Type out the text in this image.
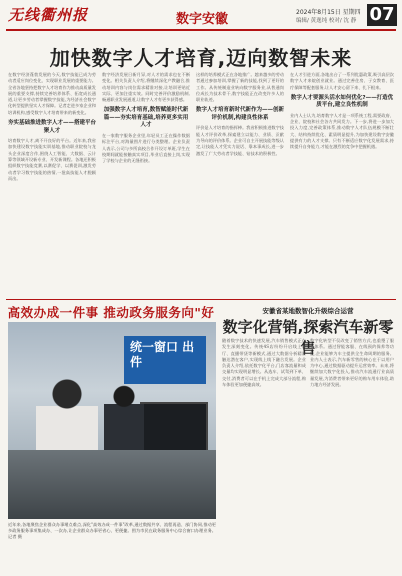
无线衢州报	数字安徽	2024年8月15日 星期四
编辑/ 黄逸纯 校对/ 沈 静 07
加快数字人才培育,迈向数智未来
在数字经济蓬勃发展的今天,数字技能已成为劳动者适应岗位变化、实现职业发展的重要能力。全省各地坚持把数字人才培育作为推动高质量发展的重要支撑,持续完善培养体系、拓宽成长通道,让更多劳动者掌握数字技能,为经济社会数字化转型提供坚实人才保障。记者走进多家企业和培训机构,感受数字人才培育带来的新变化。
夯实基础推进数字人才——搭建平台聚人才
培育数字人才,离不开良好的平台。近年来,我省加快建设数字技能实训基地,推动职业院校与龙头企业深度合作,围绕人工智能、大数据、云计算等领域开设新专业、开发新课程。各地还积极组织数字技能竞赛,以赛促学、以赛促训,激发劳动者学习数字技能的热情,一批高技能人才脱颖而出。
数字经济发展日新月异,对人才的需求也在不断变化。相关负责人介绍,将继续深化产教融合,推动培训内容与岗位需求精准对接,让培训更贴近实际、更加注重实效。同时完善评价激励机制,畅通职业发展通道,让数字人才有更多获得感。
加强数字人才培育,数智赋能时代新篇——夯实培育基础,培养更多实用人才
在一家数字服务企业里,年轻员工正在操作数据标注平台,对海量图片进行分类整理。企业负责人表示,公司与多所高校合作开设订单班,学生在校期间就能接触真实项目,毕业后直接上岗,实现了学校与企业的无缝衔接。
这样的培养模式正在各地推广。越来越多的劳动者通过参加培训,掌握了新的技能,找到了更好的工作。从传统制造业转向数字服务业,从普通岗位成长为技术骨干,数字技能正在改变许多人的职业轨迹。
数字人才培育新时代新作为——创新评价机制,构建良性体系
评价是人才培育的指挥棒。我省积极推进数字技能人才评价改革,探索建立以能力、业绩、贡献为导向的评价体系。企业可自主开展技能等级认定,让技能人才凭实力说话、靠本事成长,进一步激发了广大劳动者学技能、钻技术的积极性。
在人才引进方面,各地出台了一系列优惠政策,吸引高层次数字人才来皖创业就业。通过完善住房、子女教育、医疗保障等配套服务,让人才安心留下来、扎下根来。
数字人才要源头活水如何优化?——打造优质平台,建立良性机制
业内人士认为,培育数字人才是一项系统工程,需要政府、企业、院校和社会各方共同发力。下一步,将进一步加大投入力度,完善政策体系,推动数字人才队伍规模不断壮大、结构持续优化、素质明显提升,为加快建设数字安徽提供有力的人才支撑。只有不断适应数字化发展需求,持续提升自身能力,才能在激烈的竞争中把握机遇。
高效办成一件事 推动政务服务向"好
统一窗口 出件
近年来,各地聚焦企业群众办事堵点难点,深化"高效办成一件事"改革,通过数据共享、流程再造、部门协同,推动更多政务服务事项集成办、一次办,让企业群众办事更省心、更便捷。图为市民在政务服务中心综合窗口办理业务。记者 摄
安徽省某地数智化升级综合运营
数字化营销,探索汽车新零售
随着数字技术的快速发展,汽车销售模式正在发生深刻变化。传统4S店纷纷开启线上展厅、直播带货等新模式,通过大数据分析精准触达潜在客户,实现线上线下融合发展。企业负责人介绍,依托数字化平台,门店客流量和成交量均实现明显增长。从选车、试驾到下单、交付,消费者可以在手机上完成大部分流程,购车体验更加便捷高效。
数字化转型不仅改变了销售方式,也重塑了服务体系。通过智能客服、在线预约保养等功能,企业能够为车主提供全生命周期的服务。业内人士表示,汽车新零售的核心在于以用户为中心,通过数据驱动提升运营效率。未来,将继续加大数字化投入,推动汽车流通行业高质量发展,为消费者带来更好的购车用车体验,助力地方经济发展。
